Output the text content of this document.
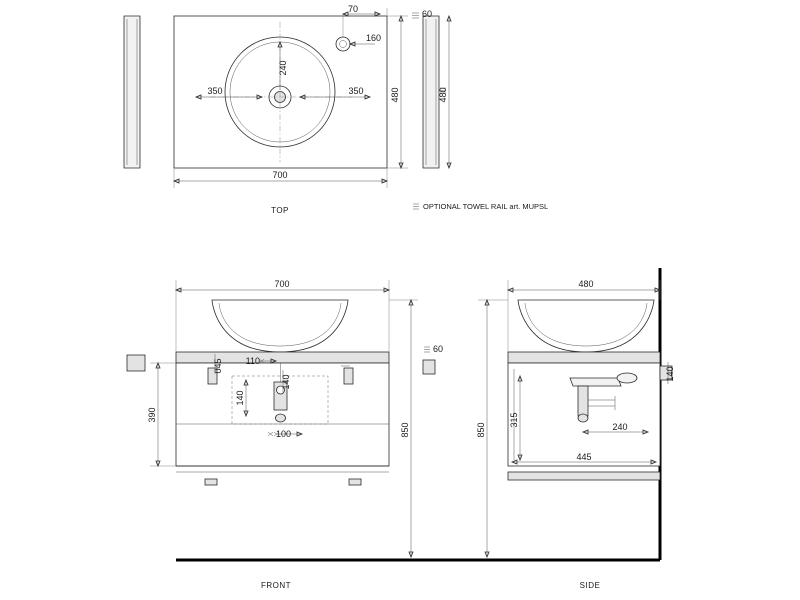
700
480
350	350
240
160
70
TOP
60
480
OPTIONAL TOWEL RAIL art. MUPSL
700
390
850
110
140
140
100
045
60
FRONT
480
850
315	240
445
140
SIDE
